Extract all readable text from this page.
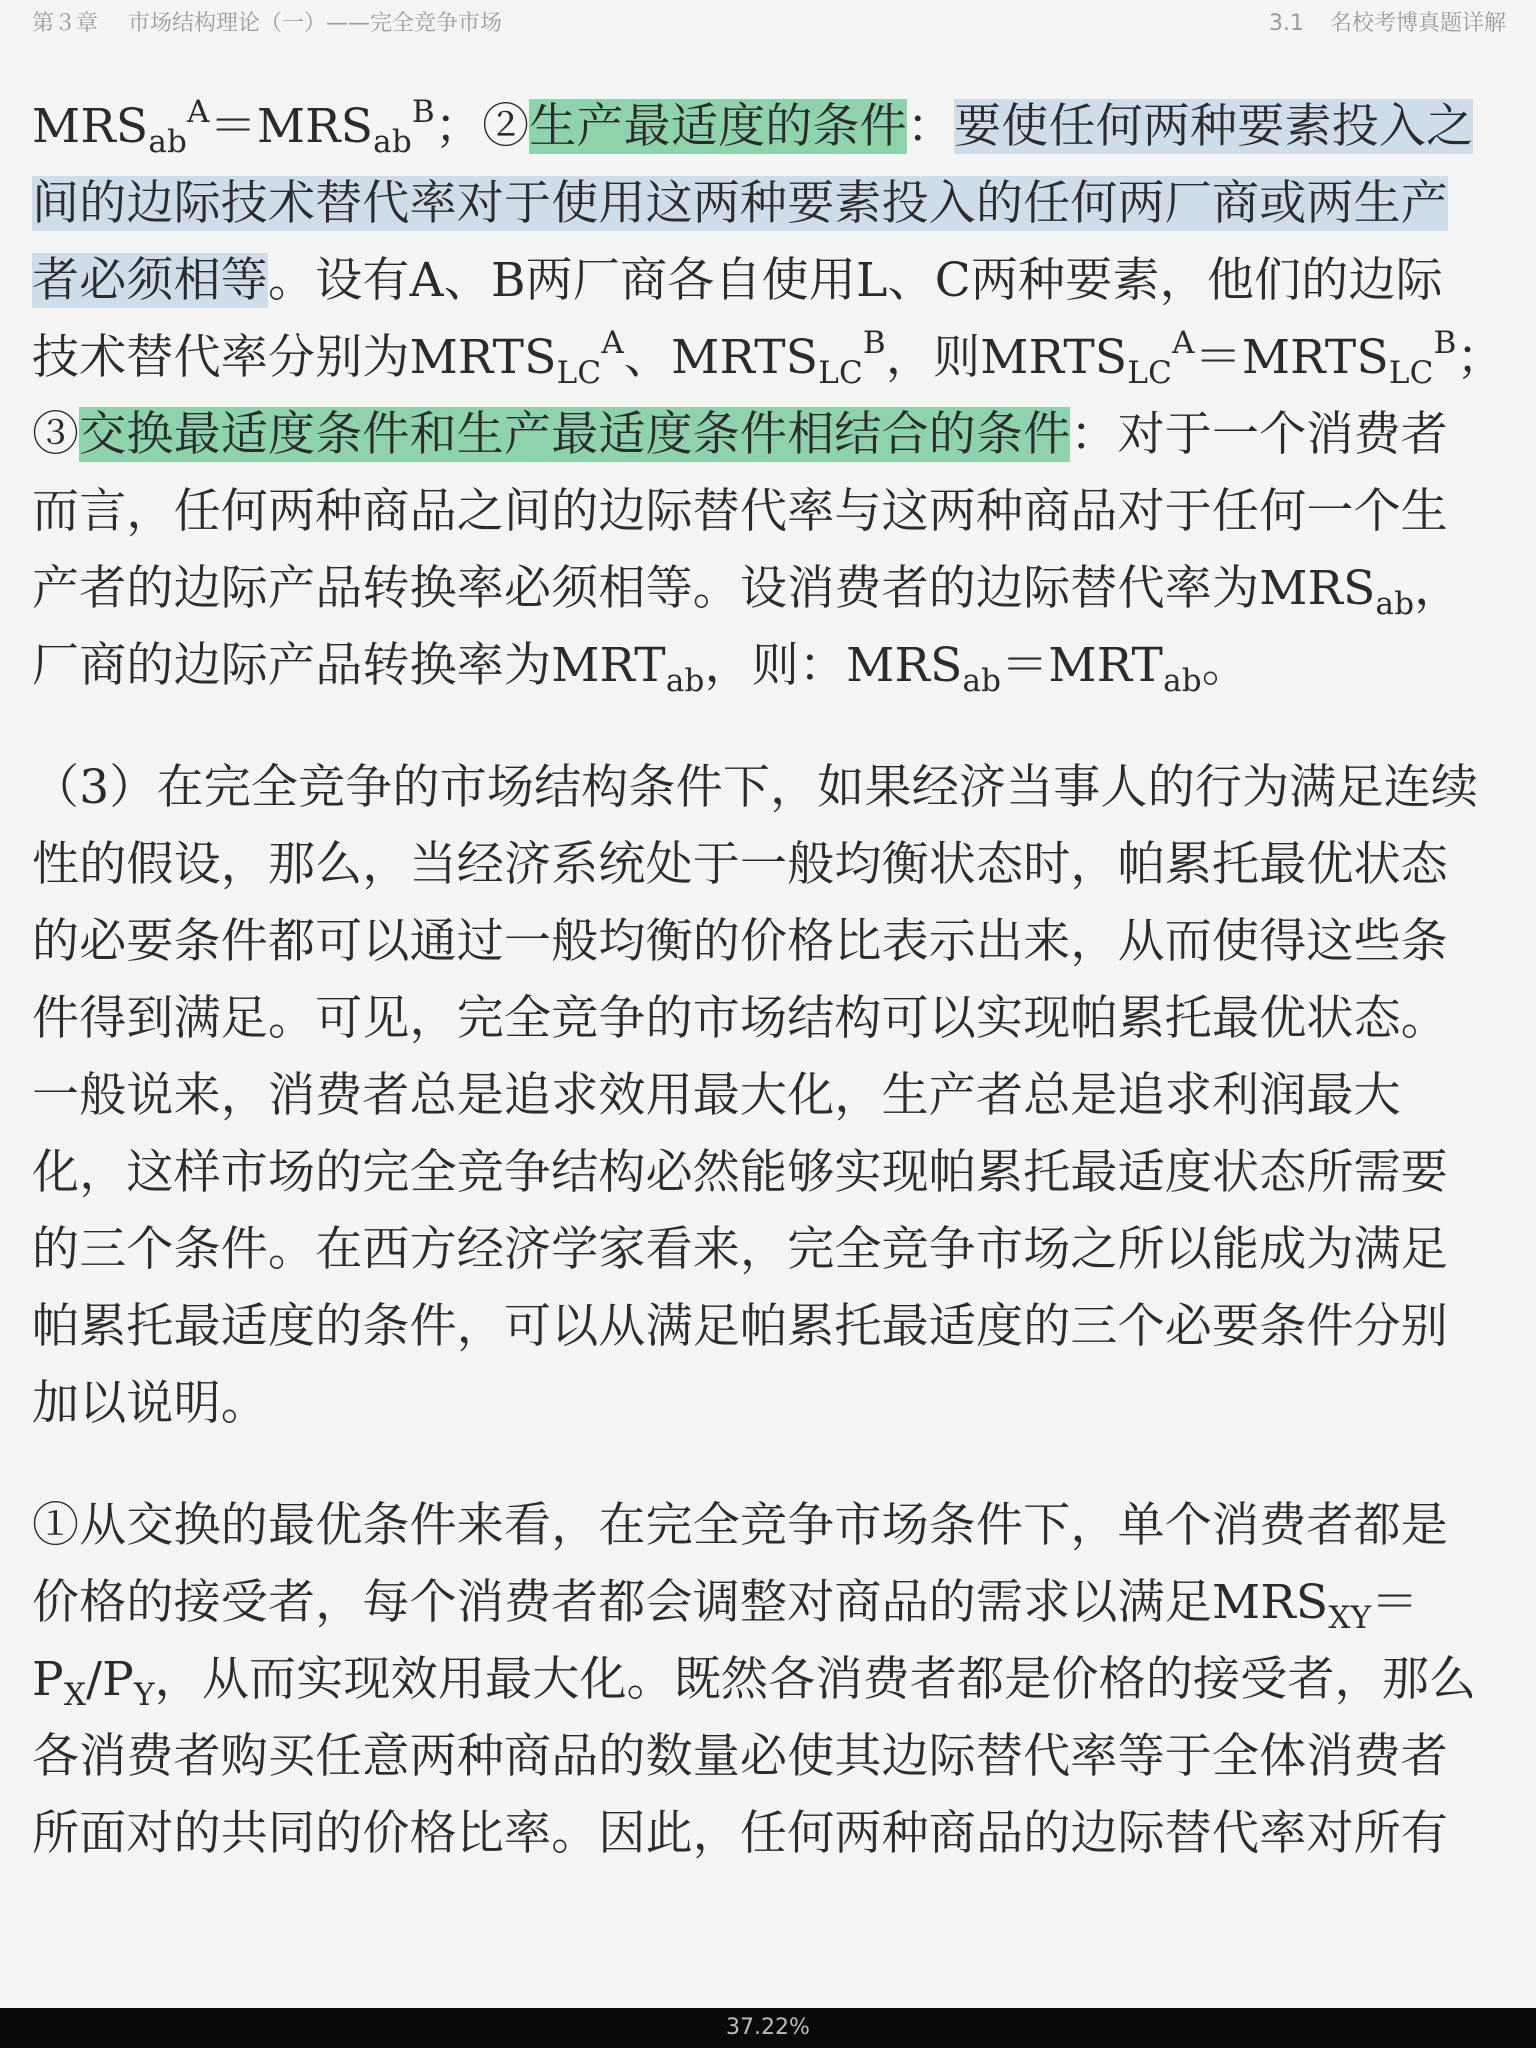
第３章 市场结构理论（一）——完全竞争市场	3.1 名校考博真题详解
$MRS_{ab}^A=MRS_{ab}^B$；②生产最适度的条件：要使任何两种要素投入之
间的边际技术替代率对于使用这两种要素投入的任何两厂商或两生产
者必须相等。设有A、B两厂商各自使用L、C两种要素，他们的边际
技术替代率分别为$MRTS_{LC}^A$、$MRTS_{LC}^B$，则$MRTS_{LC}^A=MRTS_{LC}^B$；
③交换最适度条件和生产最适度条件相结合的条件：对于一个消费者
而言，任何两种商品之间的边际替代率与这两种商品对于任何一个生
产者的边际产品转换率必须相等。设消费者的边际替代率为$MRS_{ab}$，
厂商的边际产品转换率为$MRT_{ab}$，则：$MRS_{ab}=MRT_{ab}$。
（3）在完全竞争的市场结构条件下，如果经济当事人的行为满足连续
性的假设，那么，当经济系统处于一般均衡状态时，帕累托最优状态
的必要条件都可以通过一般均衡的价格比表示出来，从而使得这些条
件得到满足。可见，完全竞争的市场结构可以实现帕累托最优状态。
一般说来，消费者总是追求效用最大化，生产者总是追求利润最大
化，这样市场的完全竞争结构必然能够实现帕累托最适度状态所需要
的三个条件。在西方经济学家看来，完全竞争市场之所以能成为满足
帕累托最适度的条件，可以从满足帕累托最适度的三个必要条件分别
加以说明。
①从交换的最优条件来看，在完全竞争市场条件下，单个消费者都是
价格的接受者，每个消费者都会调整对商品的需求以满足$MRS_{XY}=$
$P_X/P_Y$，从而实现效用最大化。既然各消费者都是价格的接受者，那么
各消费者购买任意两种商品的数量必使其边际替代率等于全体消费者
所面对的共同的价格比率。因此，任何两种商品的边际替代率对所有
37.22%
